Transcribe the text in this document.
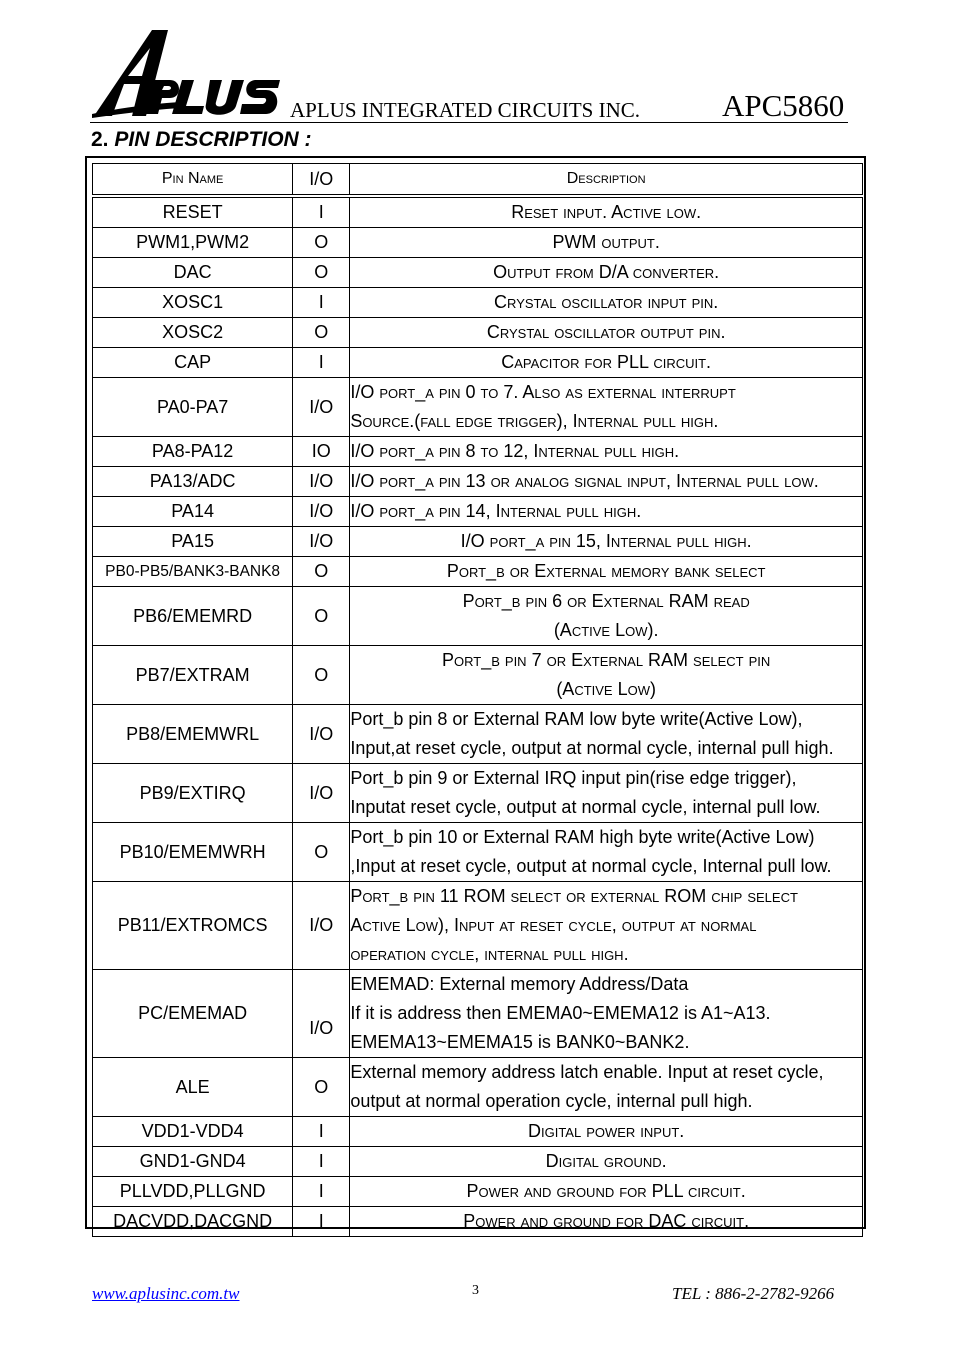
APLUS INTEGRATED CIRCUITS INC.	APC5860
2. PIN DESCRIPTION :
Pin Name	I/O	Description

RESET	I	Reset input. Active low.

PWM1,PWM2	O	PWM output.

DAC	O	Output from D/A converter.

XOSC1	I	Crystal oscillator input pin.

XOSC2	O	Crystal oscillator output pin.

CAP	I	Capacitor for PLL circuit.

PA0-PA7	I/O	I/O port_a pin 0 to 7. Also as external interrupt
Source.(fall edge trigger), Internal pull high.

PA8-PA12	IO	I/O port_a pin 8 to 12, Internal pull high.

PA13/ADC	I/O	I/O port_a pin 13 or analog signal input, Internal pull low.

PA14	I/O	I/O port_a pin 14, Internal pull high.

PA15	I/O	I/O port_a pin 15, Internal pull high.

PB0-PB5/BANK3-BANK8	O	Port_b or External memory bank select

PB6/EMEMRD	O	Port_b pin 6 or External RAM read
(Active Low).

PB7/EXTRAM	O	Port_b pin 7 or External RAM select pin
(Active Low)

PB8/EMEMWRL	I/O	Port_b pin 8 or External RAM low byte write(Active Low),
Input,at reset cycle, output at normal cycle, internal pull high.

PB9/EXTIRQ	I/O	Port_b pin 9 or External IRQ input pin(rise edge trigger),
Inputat reset cycle, output at normal cycle, internal pull low.

PB10/EMEMWRH	O	Port_b pin 10 or External RAM high byte write(Active Low)
,Input at reset cycle, output at normal cycle, Internal pull low.

PB11/EXTROMCS	I/O	Port_b pin 11 ROM select or external ROM chip select
Active Low), Input at reset cycle, output at normal
operation cycle, internal pull high.

PC/EMEMAD	I/O	EMEMAD: External memory Address/Data
If it is address then EMEMA0~EMEMA12 is A1~A13.
EMEMA13~EMEMA15 is BANK0~BANK2.

ALE	O	External memory address latch enable. Input at reset cycle,
output at normal operation cycle, internal pull high.

VDD1-VDD4	I	Digital power input.

GND1-GND4	I	Digital ground.

PLLVDD,PLLGND	I	Power and ground for PLL circuit.

DACVDD,DACGND	I	Power and ground for DAC circuit.
www.aplusinc.com.tw	3	TEL : 886-2-2782-9266
